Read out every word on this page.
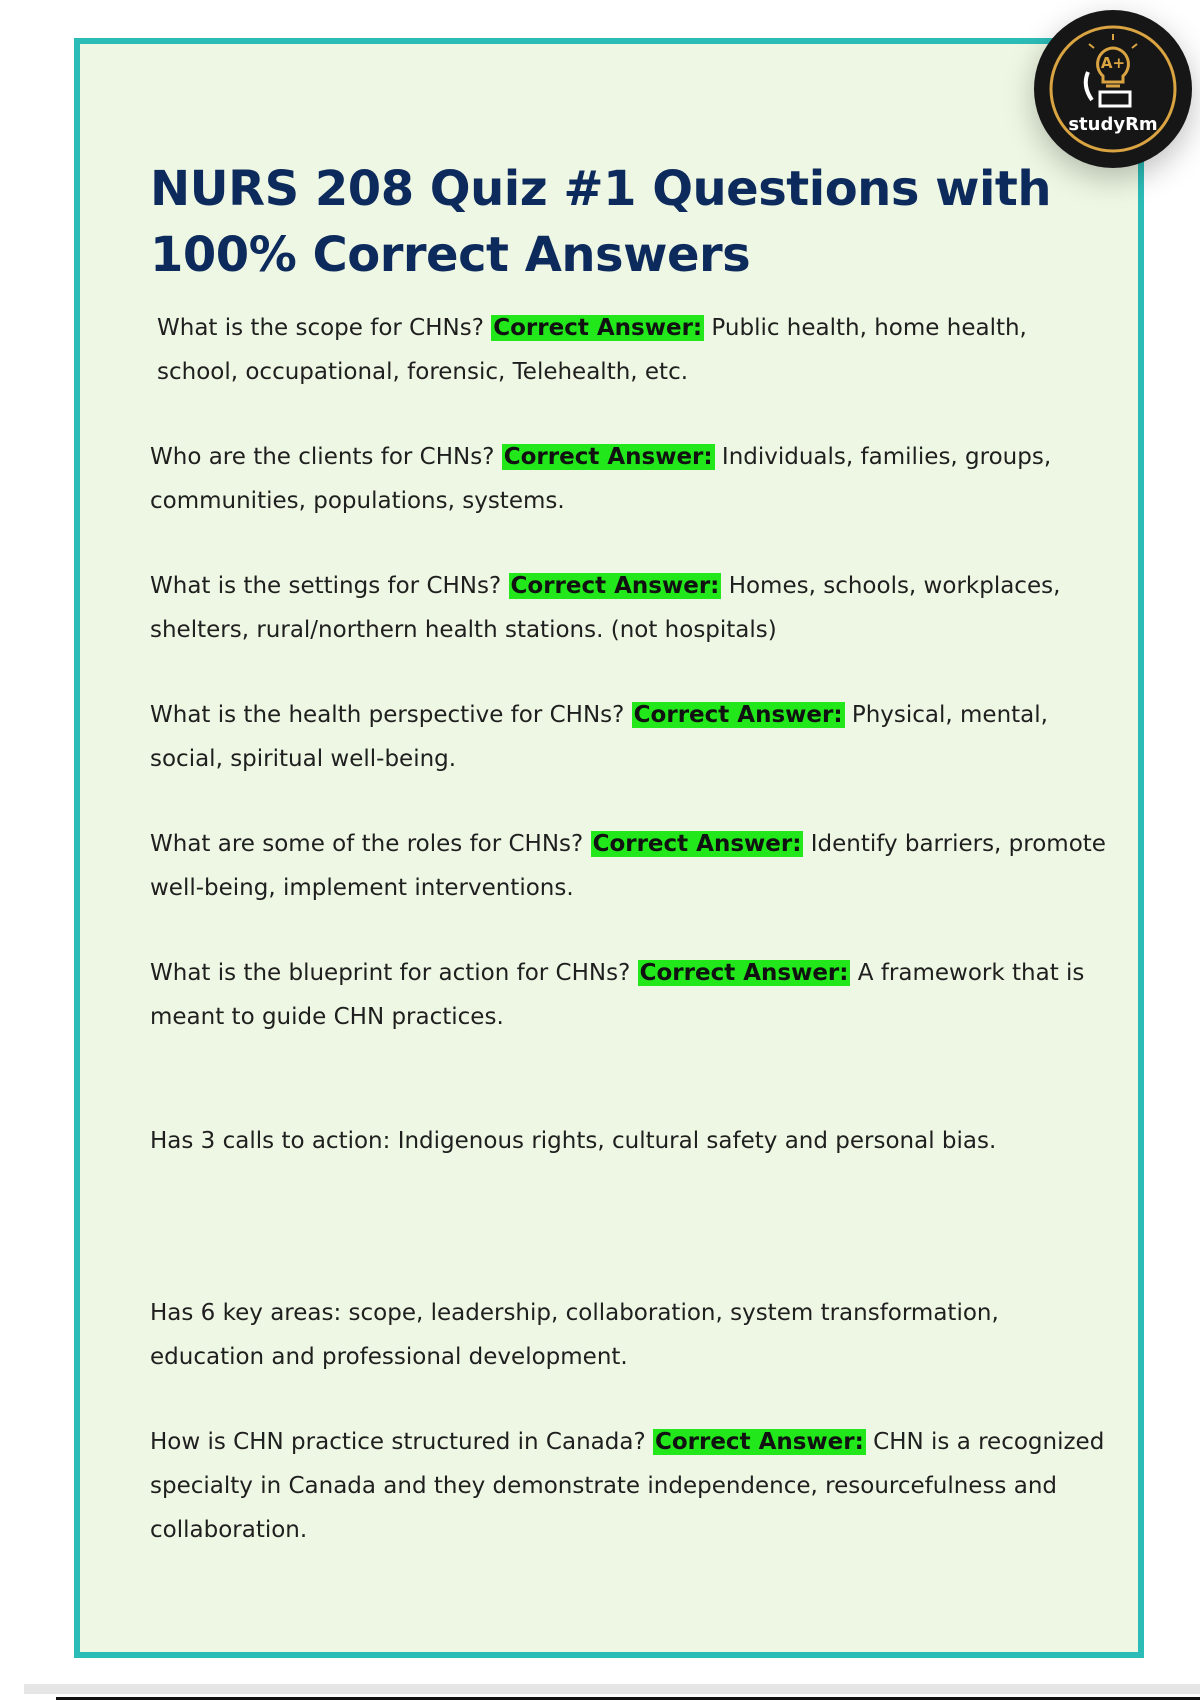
NURS 208 Quiz #1 Questions with 100% Correct Answers

What is the scope for CHNs? Correct Answer: Public health, home health, school, occupational, forensic, Telehealth, etc.

Who are the clients for CHNs? Correct Answer: Individuals, families, groups, communities, populations, systems.

What is the settings for CHNs? Correct Answer: Homes, schools, workplaces, shelters, rural/northern health stations. (not hospitals)

What is the health perspective for CHNs? Correct Answer: Physical, mental, social, spiritual well-being.

What are some of the roles for CHNs? Correct Answer: Identify barriers, promote well-being, implement interventions.

What is the blueprint for action for CHNs? Correct Answer: A framework that is meant to guide CHN practices.

Has 3 calls to action: Indigenous rights, cultural safety and personal bias.

Has 6 key areas: scope, leadership, collaboration, system transformation, education and professional development.

How is CHN practice structured in Canada? Correct Answer: CHN is a recognized specialty in Canada and they demonstrate independence, resourcefulness and collaboration.

A+
studyRm
